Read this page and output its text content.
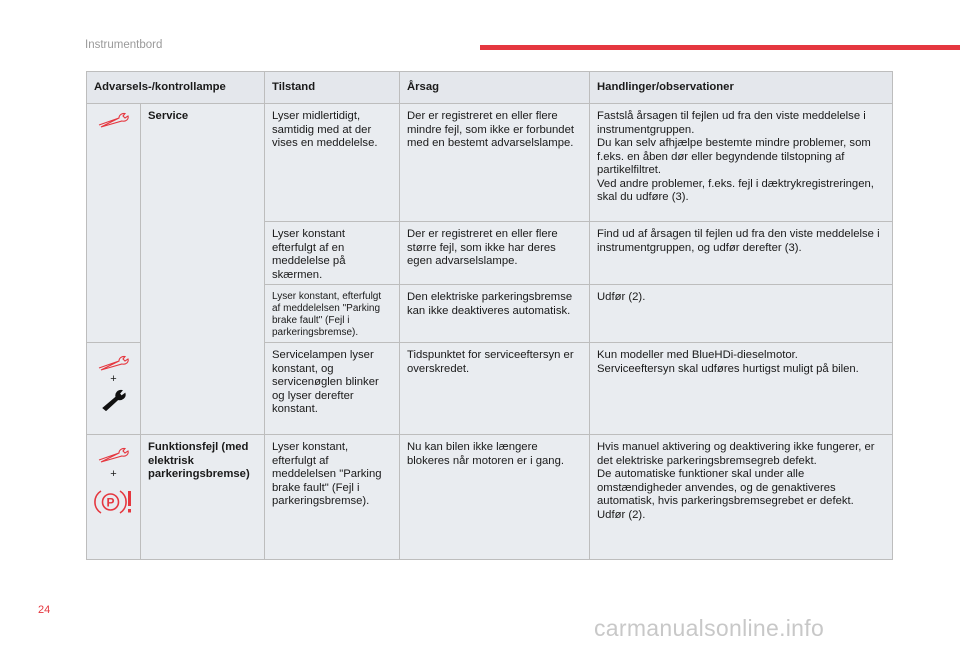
Instrumentbord
Advarsels-/kontrollampe		Tilstand	Årsag	Handlinger/observationer

	Service	Lyser midlertidigt, samtidig med at der vises en meddelelse.	Der er registreret en eller flere mindre fejl, som ikke er forbundet med en bestemt advarselslampe.	Fastslå årsagen til fejlen ud fra den viste meddelelse i instrumentgruppen.
Du kan selv afhjælpe bestemte mindre problemer, som f.eks. en åben dør eller begyndende tilstopning af partikelfiltret.
Ved andre problemer, f.eks. fejl i dæktrykregistreringen, skal du udføre (3).
		Lyser konstant efterfulgt af en meddelelse på skærmen.	Der er registreret en eller flere større fejl, som ikke har deres egen advarselslampe.	Find ud af årsagen til fejlen ud fra den viste meddelelse i instrumentgruppen, og udfør derefter (3).
		Lyser konstant, efterfulgt af meddelelsen "Parking brake fault" (Fejl i parkeringsbremse).	Den elektriske parkeringsbremse kan ikke deaktiveres automatisk.	Udfør (2).

+		Servicelampen lyser konstant, og servicenøglen blinker og lyser derefter konstant.	Tidspunktet for serviceeftersyn er overskredet.	Kun modeller med BlueHDi-dieselmotor.
Serviceeftersyn skal udføres hurtigst muligt på bilen.

+
P	Funktionsfejl (med elektrisk parkeringsbremse)	Lyser konstant, efterfulgt af meddelelsen "Parking brake fault" (Fejl i parkeringsbremse).	Nu kan bilen ikke længere blokeres når motoren er i gang.	Hvis manuel aktivering og deaktivering ikke fungerer, er det elektriske parkeringsbremsegreb defekt.
De automatiske funktioner skal under alle omstændigheder anvendes, og de genaktiveres automatisk, hvis parkeringsbremsegrebet er defekt.
Udfør (2).
24
carmanualsonline.info
